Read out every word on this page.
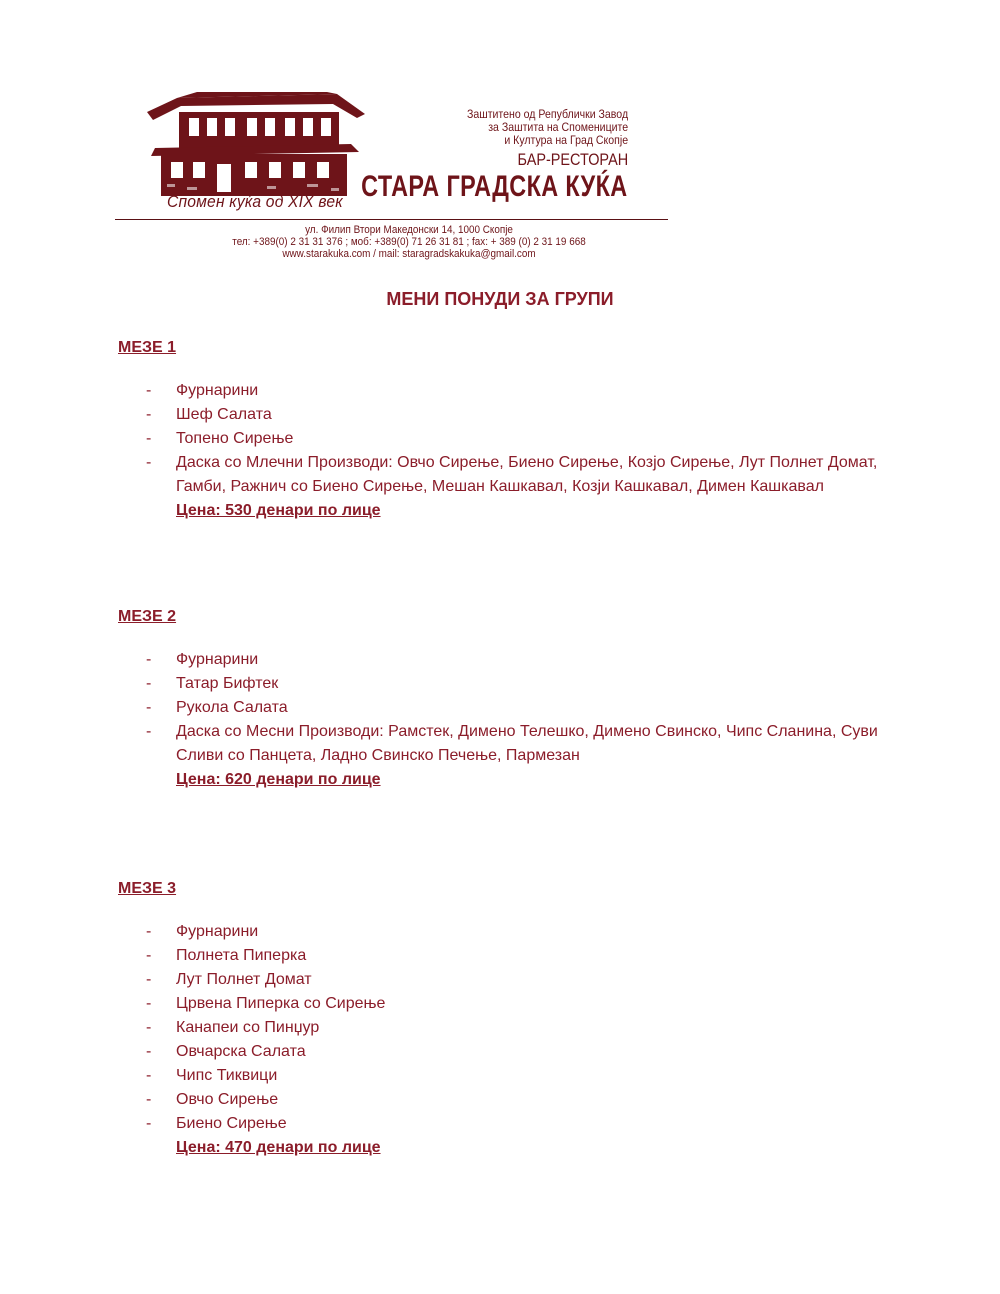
Спомен куќа од XIX век
Заштитено од Републички Завод
за Заштита на Спомениците
и Култура на Град Скопје
БАР-РЕСТОРАН
СТАРА ГРАДСКА КУЌА
ул. Филип Втори Македонски 14, 1000 Скопје
тел: +389(0) 2 31 31 376 ; моб: +389(0) 71 26 31 81 ; fax: + 389 (0) 2 31 19 668
www.starakuka.com / mail: staragradskakuka@gmail.com
МЕНИ ПОНУДИ ЗА ГРУПИ
МЕЗЕ 1
- Фурнарини
- Шеф Салата
- Топено Сирење
- Даска со Млечни Производи: Овчо Сирење, Биено Сирење, Козјо Сирење, Лут Полнет Домат, Гамби, Ражнич со Биено Сирење, Мешан Кашкавал, Козји Кашкавал, Димен Кашкавал
Цена: 530 денари по лице
МЕЗЕ 2
- Фурнарини
- Татар Бифтек
- Рукола Салата
- Даска со Месни Производи: Рамстек, Димено Телешко, Димено Свинско, Чипс Сланина, Суви Сливи со Панцета, Ладно Свинско Печење, Пармезан
Цена: 620 денари по лице
МЕЗЕ 3
- Фурнарини
- Полнета Пиперка
- Лут Полнет Домат
- Црвена Пиперка со Сирење
- Канапеи со Пинџур
- Овчарска Салата
- Чипс Тиквици
- Овчо Сирење
- Биено Сирење
Цена: 470 денари по лице
